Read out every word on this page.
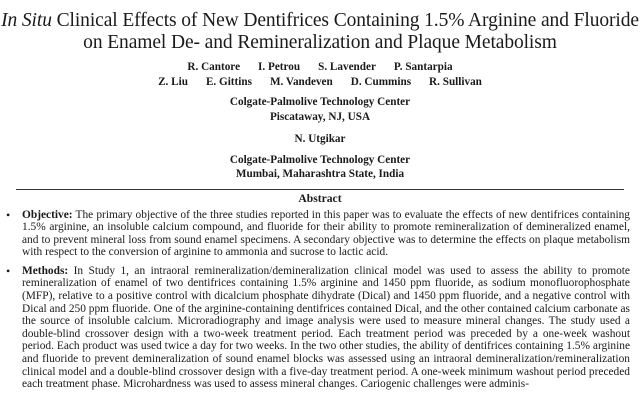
In Situ Clinical Effects of New Dentifrices Containing 1.5% Arginine and Fluoride on Enamel De- and Remineralization and Plaque Metabolism
R. Cantore I. Petrou S. Lavender P. Santarpia
Z. Liu E. Gittins M. Vandeven D. Cummins R. Sullivan
Colgate-Palmolive Technology Center
Piscataway, NJ, USA
N. Utgikar
Colgate-Palmolive Technology Center
Mumbai, Maharashtra State, India
Abstract
• Objective: The primary objective of the three studies reported in this paper was to evaluate the effects of new dentifrices containing 1.5% arginine, an insoluble calcium compound, and fluoride for their ability to promote remineralization of demineralized enamel, and to prevent mineral loss from sound enamel specimens. A secondary objective was to determine the effects on plaque metabolism with respect to the conversion of arginine to ammonia and sucrose to lactic acid.
• Methods: In Study 1, an intraoral remineralization/demineralization clinical model was used to assess the ability to promote remineralization of enamel of two dentifrices containing 1.5% arginine and 1450 ppm fluoride, as sodium monofluorophosphate (MFP), relative to a positive control with dicalcium phosphate dihydrate (Dical) and 1450 ppm fluoride, and a negative control with Dical and 250 ppm fluoride. One of the arginine-containing dentifrices contained Dical, and the other contained calcium carbonate as the source of insoluble calcium. Microradiography and image analysis were used to measure mineral changes. The study used a double-blind crossover design with a two-week treatment period. Each treatment period was preceded by a one-week washout period. Each product was used twice a day for two weeks. In the two other studies, the ability of dentifrices containing 1.5% arginine and fluoride to prevent demineralization of sound enamel blocks was assessed using an intraoral demineralization/remineralization clinical model and a double-blind crossover design with a five-day treatment period. A one-week minimum washout period preceded each treatment phase. Microhardness was used to assess mineral changes. Cariogenic challenges were adminis-
